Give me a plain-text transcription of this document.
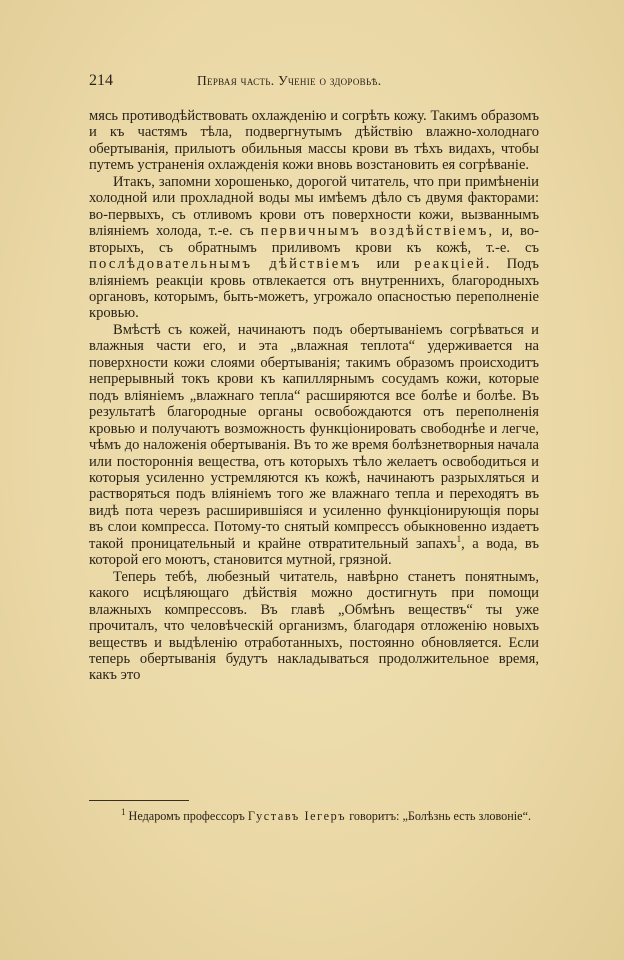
214	Первая часть. Ученіе о здоровьѣ.

мясь противодѣйствовать охлажденію и согрѣть кожу. Такимъ образомъ и къ частямъ тѣла, подвергнутымъ дѣйствію влажно-холоднаго обертыванія, прилыотъ обильныя массы крови въ тѣхъ видахъ, чтобы путемъ устраненія охлажденія кожи вновь возстановить ея согрѣваніе.

Итакъ, запомни хорошенько, дорогой читатель, что при примѣненіи холодной или прохладной воды мы имѣемъ дѣло съ двумя факторами: во-первыхъ, съ отливомъ крови отъ поверхности кожи, вызваннымъ вліяніемъ холода, т.-е. съ первичнымъ воздѣйствіемъ, и, во-вторыхъ, съ обратнымъ приливомъ крови къ кожѣ, т.-е. съ послѣдовательнымъ дѣйствіемъ или реакціей. Подъ вліяніемъ реакціи кровь отвлекается отъ внутреннихъ, благородныхъ органовъ, которымъ, быть-можетъ, угрожало опасностью переполненіе кровью.

Вмѣстѣ съ кожей, начинаютъ подъ обертываніемъ согрѣваться и влажныя части его, и эта „влажная теплота“ удерживается на поверхности кожи слоями обертыванія; такимъ образомъ происходитъ непрерывный токъ крови къ капиллярнымъ сосудамъ кожи, которые подъ вліяніемъ „влажнаго тепла“ расширяются все болѣе и болѣе. Въ результатѣ благородные органы освобождаются отъ переполненія кровью и получаютъ возможность функціонировать свободнѣе и легче, чѣмъ до наложенія обертыванія. Въ то же время болѣзнетворныя начала или постороннія вещества, отъ которыхъ тѣло желаетъ освободиться и которыя усиленно устремляются къ кожѣ, начинаютъ разрыхляться и растворяться подъ вліяніемъ того же влажнаго тепла и переходятъ въ видѣ пота черезъ расширившіяся и усиленно функціонирующія поры въ слои компресса. Потому-то снятый компрессъ обыкновенно издаетъ такой проницательный и крайне отвратительный запахъ$^1$, а вода, въ которой его моютъ, становится мутной, грязной.

Теперь тебѣ, любезный читатель, навѣрно станетъ понятнымъ, какого исцѣляющаго дѣйствія можно достигнуть при помощи влажныхъ компрессовъ. Въ главѣ „Обмѣнъ веществъ“ ты уже прочиталъ, что человѣческій организмъ, благодаря отложенію новыхъ веществъ и выдѣленію отработанныхъ, постоянно обновляется. Если теперь обертыванія будутъ накладываться продолжительное время, какъ это

$^1$ Недаромъ профессоръ Густавъ Іегеръ говоритъ: „Болѣзнь есть зловоніе“.
